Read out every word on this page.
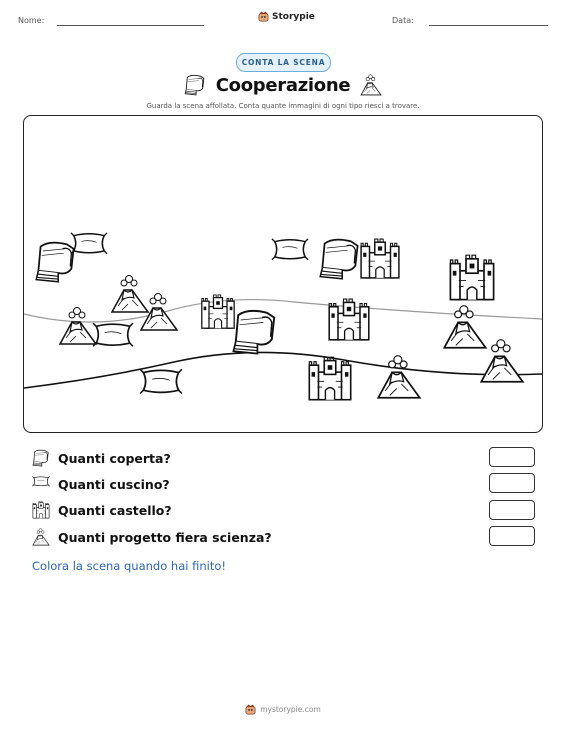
Nome:	Storypie	Data:
CONTA LA SCENA
Cooperazione
Guarda la scena affollata. Conta quante immagini di ogni tipo riesci a trovare.
Quanti coperta?
Quanti cuscino?
Quanti castello?
Quanti progetto fiera scienza?
Colora la scena quando hai finito!
mystorypie.com
